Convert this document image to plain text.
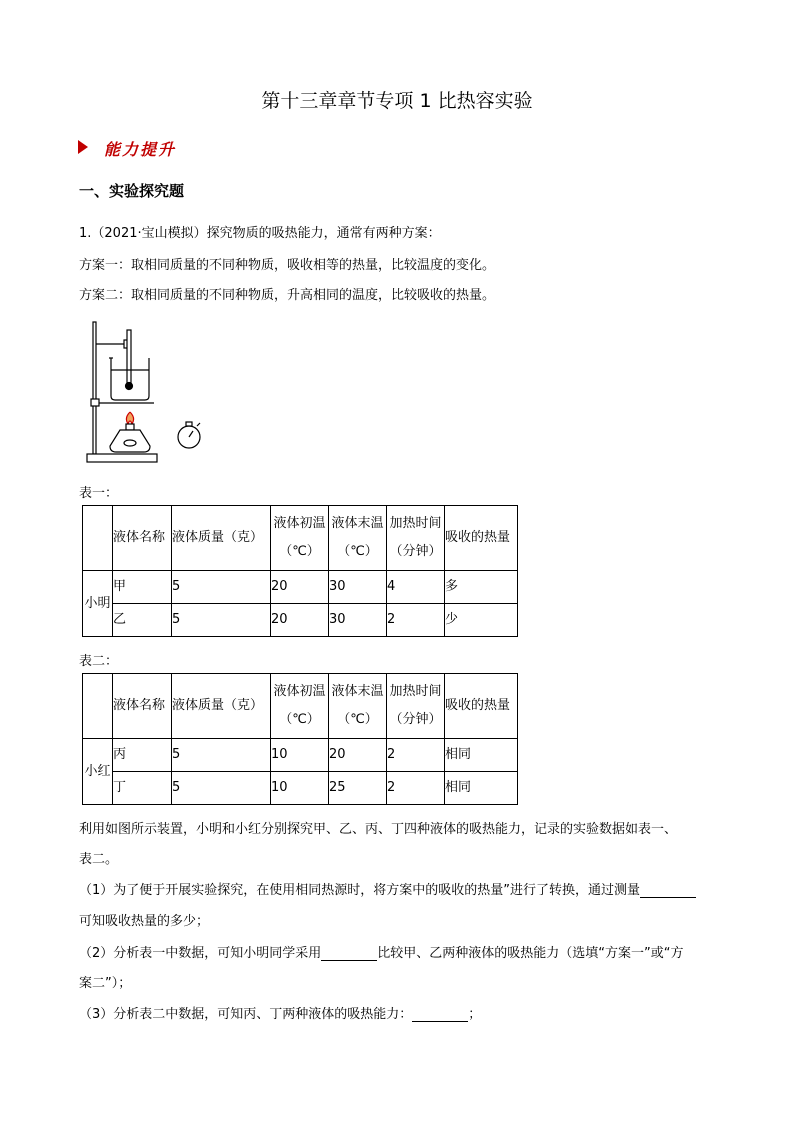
第十三章章节专项 1 比热容实验
能力提升
一、实验探究题
1.（2021·宝山模拟）探究物质的吸热能力，通常有两种方案：
方案一：取相同质量的不同种物质，吸收相等的热量，比较温度的变化。
方案二：取相同质量的不同种物质，升高相同的温度，比较吸收的热量。
表一：
	液体名称	液体质量（克）	液体初温（℃）	液体末温（℃）	加热时间（分钟）	吸收的热量
小明	甲	5	20	30	4	多
	乙	5	20	30	2	少
表二：
	液体名称	液体质量（克）	液体初温（℃）	液体末温（℃）	加热时间（分钟）	吸收的热量
小红	丙	5	10	20	2	相同
	丁	5	10	25	2	相同
利用如图所示装置，小明和小红分别探究甲、乙、丙、丁四种液体的吸热能力，记录的实验数据如表一、
表二。
（1）为了便于开展实验探究，在使用相同热源时，将方案中的吸收的热量”进行了转换，通过测量
可知吸收热量的多少；
（2）分析表一中数据，可知小明同学采用	比较甲、乙两种液体的吸热能力（选填“方案一”或“方
案二”）；
（3）分析表二中数据，可知丙、丁两种液体的吸热能力：	；
